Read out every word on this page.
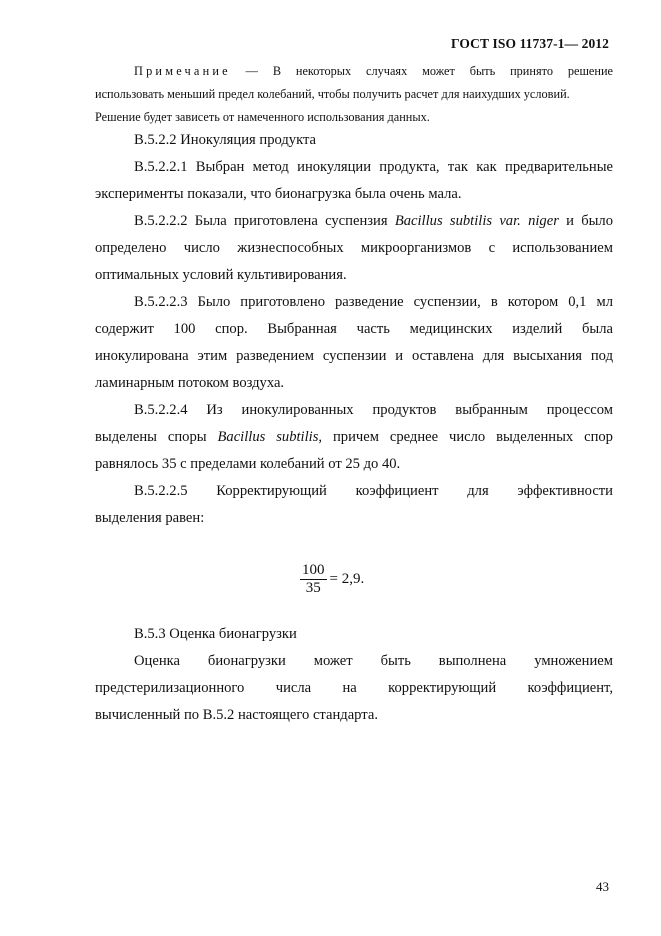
ГОСТ ISO 11737-1— 2012
Примечание — В некоторых случаях может быть принято решение
использовать меньший предел колебаний, чтобы получить расчет для наихудших условий.
Решение будет зависеть от намеченного использования данных.
В.5.2.2 Инокуляция продукта
В.5.2.2.1 Выбран метод инокуляции продукта, так как предварительные
эксперименты показали, что бионагрузка была очень мала.
В.5.2.2.2 Была приготовлена суспензия Bacillus subtilis var. niger и было
определено число жизнеспособных микроорганизмов с использованием
оптимальных условий культивирования.
В.5.2.2.3 Было приготовлено разведение суспензии, в котором 0,1 мл
содержит 100 спор. Выбранная часть медицинских изделий была
инокулирована этим разведением суспензии и оставлена для высыхания под
ламинарным потоком воздуха.
В.5.2.2.4 Из инокулированных продуктов выбранным процессом
выделены споры Bacillus subtilis, причем среднее число выделенных спор
равнялось 35 с пределами колебаний от 25 до 40.
В.5.2.2.5 Корректирующий коэффициент для эффективности
выделения равен:
$\frac{100}{35} = 2,9$.
В.5.3 Оценка бионагрузки
Оценка бионагрузки может быть выполнена умножением
предстерилизационного числа на корректирующий коэффициент,
вычисленный по В.5.2 настоящего стандарта.
43
